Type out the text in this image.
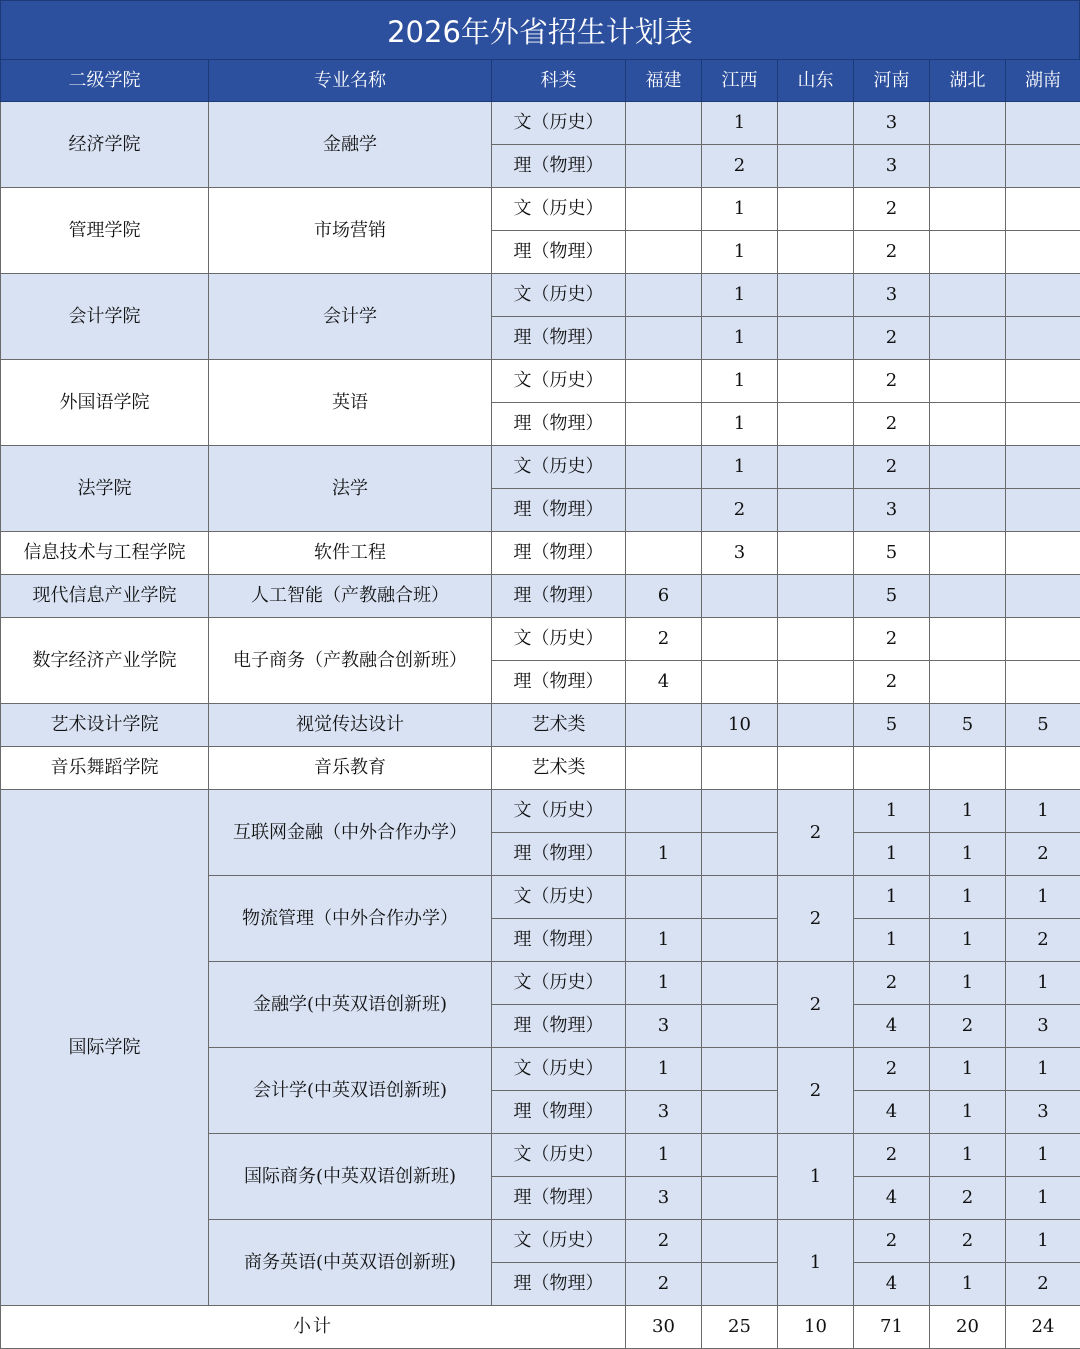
2026年外省招生计划表
二级学院	专业名称	科类	福建	江西	山东	河南	湖北	湖南
经济学院	金融学	文（历史）		1		3		
		理（物理）		2		3		
管理学院	市场营销	文（历史）		1		2		
		理（物理）		1		2		
会计学院	会计学	文（历史）		1		3		
		理（物理）		1		2		
外国语学院	英语	文（历史）		1		2		
		理（物理）		1		2		
法学院	法学	文（历史）		1		2		
		理（物理）		2		3		
信息技术与工程学院	软件工程	理（物理）		3		5		
现代信息产业学院	人工智能（产教融合班）	理（物理）	6			5		
数字经济产业学院	电子商务（产教融合创新班）	文（历史）	2			2		
		理（物理）	4			2		
艺术设计学院	视觉传达设计	艺术类		10		5	5	5
音乐舞蹈学院	音乐教育	艺术类						
国际学院	互联网金融（中外合作办学）	文（历史）			2	1	1	1
		理（物理）	1			1	1	2
	物流管理（中外合作办学）	文（历史）			2	1	1	1
		理（物理）	1			1	1	2
	金融学(中英双语创新班)	文（历史）	1		2	2	1	1
		理（物理）	3			4	2	3
	会计学(中英双语创新班)	文（历史）	1		2	2	1	1
		理（物理）	3			4	1	3
	国际商务(中英双语创新班)	文（历史）	1		1	2	1	1
		理（物理）	3			4	2	1
	商务英语(中英双语创新班)	文（历史）	2		1	2	2	1
		理（物理）	2			4	1	2
小计			30	25	10	71	20	24
